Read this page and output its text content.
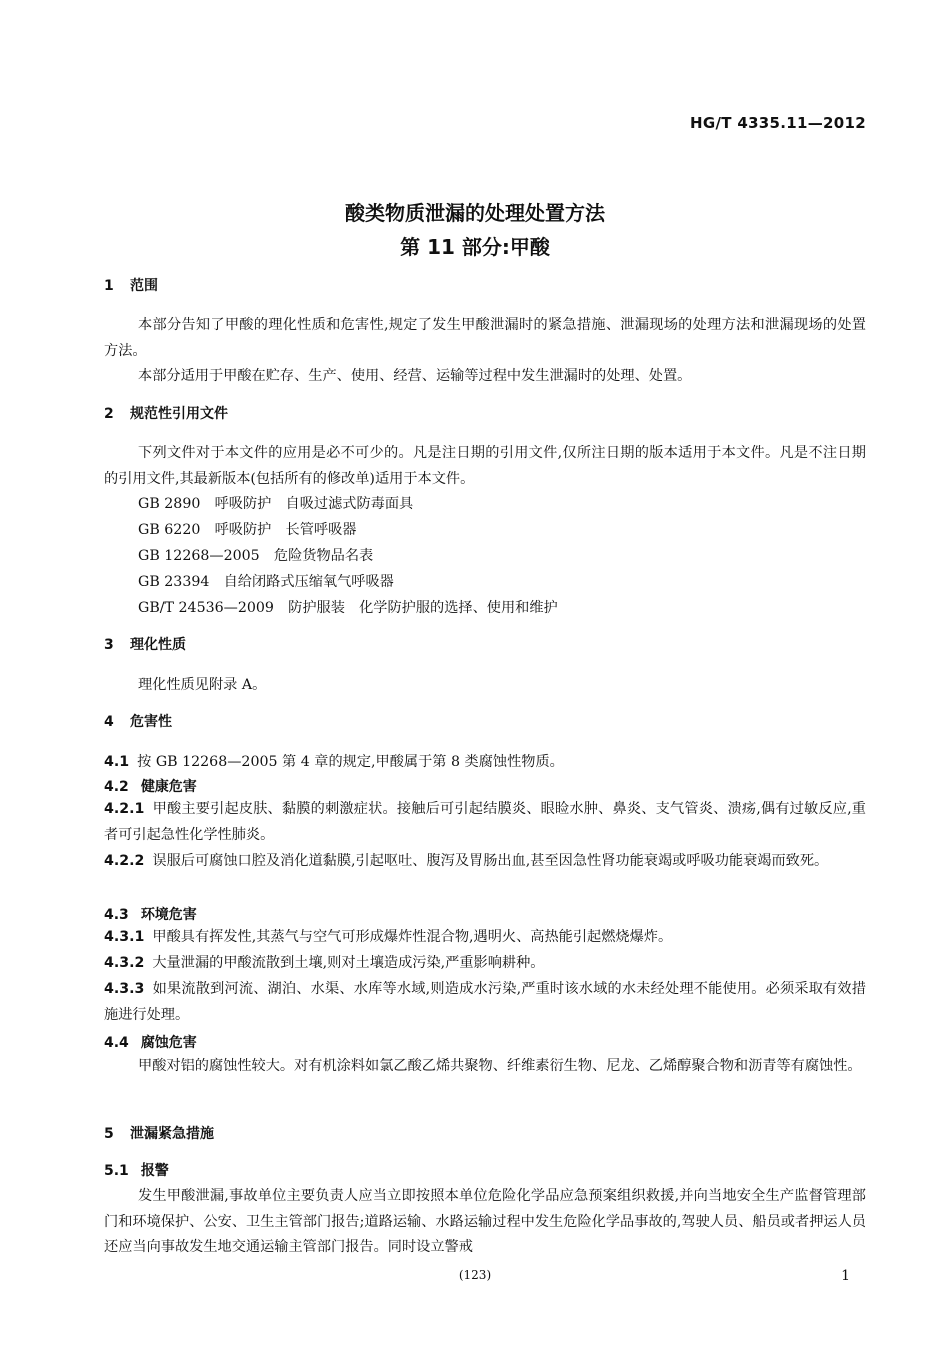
HG/T 4335.11—2012
酸类物质泄漏的处理处置方法
第 11 部分:甲酸
1 范围
本部分告知了甲酸的理化性质和危害性,规定了发生甲酸泄漏时的紧急措施、泄漏现场的处理方法和泄漏现场的处置方法。
本部分适用于甲酸在贮存、生产、使用、经营、运输等过程中发生泄漏时的处理、处置。
2 规范性引用文件
下列文件对于本文件的应用是必不可少的。凡是注日期的引用文件,仅所注日期的版本适用于本文件。凡是不注日期的引用文件,其最新版本(包括所有的修改单)适用于本文件。
GB 2890　呼吸防护　自吸过滤式防毒面具
GB 6220　呼吸防护　长管呼吸器
GB 12268—2005　危险货物品名表
GB 23394　自给闭路式压缩氧气呼吸器
GB/T 24536—2009　防护服装　化学防护服的选择、使用和维护
3 理化性质
理化性质见附录 A。
4 危害性
4.1 按 GB 12268—2005 第 4 章的规定,甲酸属于第 8 类腐蚀性物质。
4.2 健康危害
4.2.1 甲酸主要引起皮肤、黏膜的刺激症状。接触后可引起结膜炎、眼睑水肿、鼻炎、支气管炎、溃疡,偶有过敏反应,重者可引起急性化学性肺炎。
4.2.2 误服后可腐蚀口腔及消化道黏膜,引起呕吐、腹泻及胃肠出血,甚至因急性肾功能衰竭或呼吸功能衰竭而致死。
4.3 环境危害
4.3.1 甲酸具有挥发性,其蒸气与空气可形成爆炸性混合物,遇明火、高热能引起燃烧爆炸。
4.3.2 大量泄漏的甲酸流散到土壤,则对土壤造成污染,严重影响耕种。
4.3.3 如果流散到河流、湖泊、水渠、水库等水域,则造成水污染,严重时该水域的水未经处理不能使用。必须采取有效措施进行处理。
4.4 腐蚀危害
甲酸对铝的腐蚀性较大。对有机涂料如氯乙酸乙烯共聚物、纤维素衍生物、尼龙、乙烯醇聚合物和沥青等有腐蚀性。
5 泄漏紧急措施
5.1 报警
发生甲酸泄漏,事故单位主要负责人应当立即按照本单位危险化学品应急预案组织救援,并向当地安全生产监督管理部门和环境保护、公安、卫生主管部门报告;道路运输、水路运输过程中发生危险化学品事故的,驾驶人员、船员或者押运人员还应当向事故发生地交通运输主管部门报告。同时设立警戒
(123)	1
